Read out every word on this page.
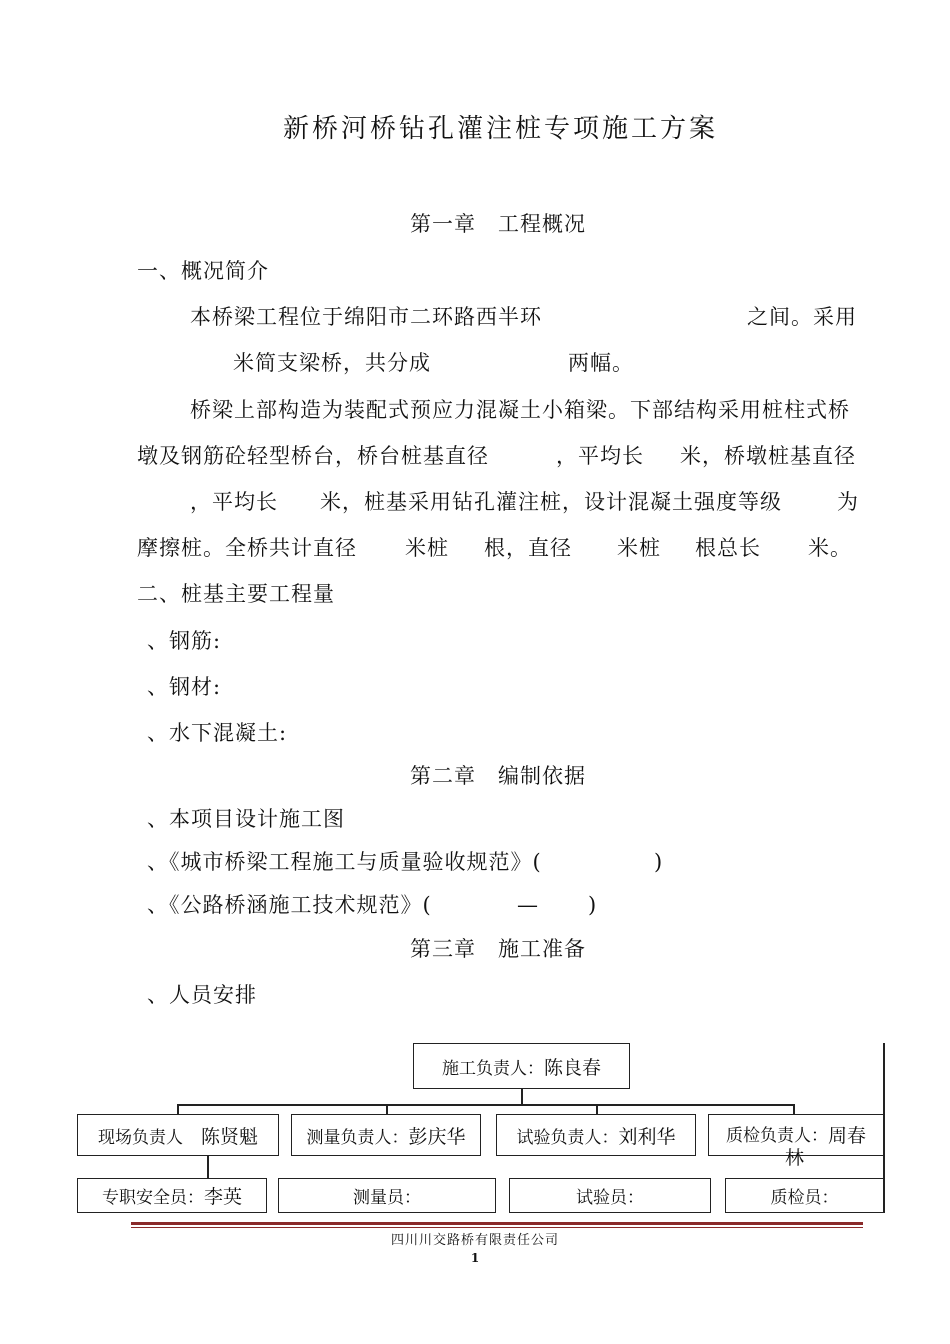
新桥河桥钻孔灌注桩专项施工方案
第一章　工程概况
一、概况简介
本桥梁工程位于绵阳市二环路西半环	之间。采用
米简支梁桥，共分成	两幅。
桥梁上部构造为装配式预应力混凝土小箱梁。下部结构采用桩柱式桥
墩及钢筋砼轻型桥台，桥台桩基直径	，平均长 米，桥墩桩基直径
，平均长 米，桩基采用钻孔灌注桩，设计混凝土强度等级	为
摩擦桩。全桥共计直径 米桩 根，直径 米桩 根总长 米。
二、桩基主要工程量
、钢筋:
、钢材:
、水下混凝土:
第二章　编制依据
、本项目设计施工图
、《城市桥梁工程施工与质量验收规范》(	)
、《公路桥涵施工技术规范》(	— )
第三章　施工准备
、人员安排
施工负责人： 陈良春
现场负责人 陈贤魁	测量负责人： 彭庆华	试验负责人： 刘利华	质检负责人： 周春
林
专职安全员： 李英	测量员：	试验员：	质检员：
四川川交路桥有限责任公司
1
